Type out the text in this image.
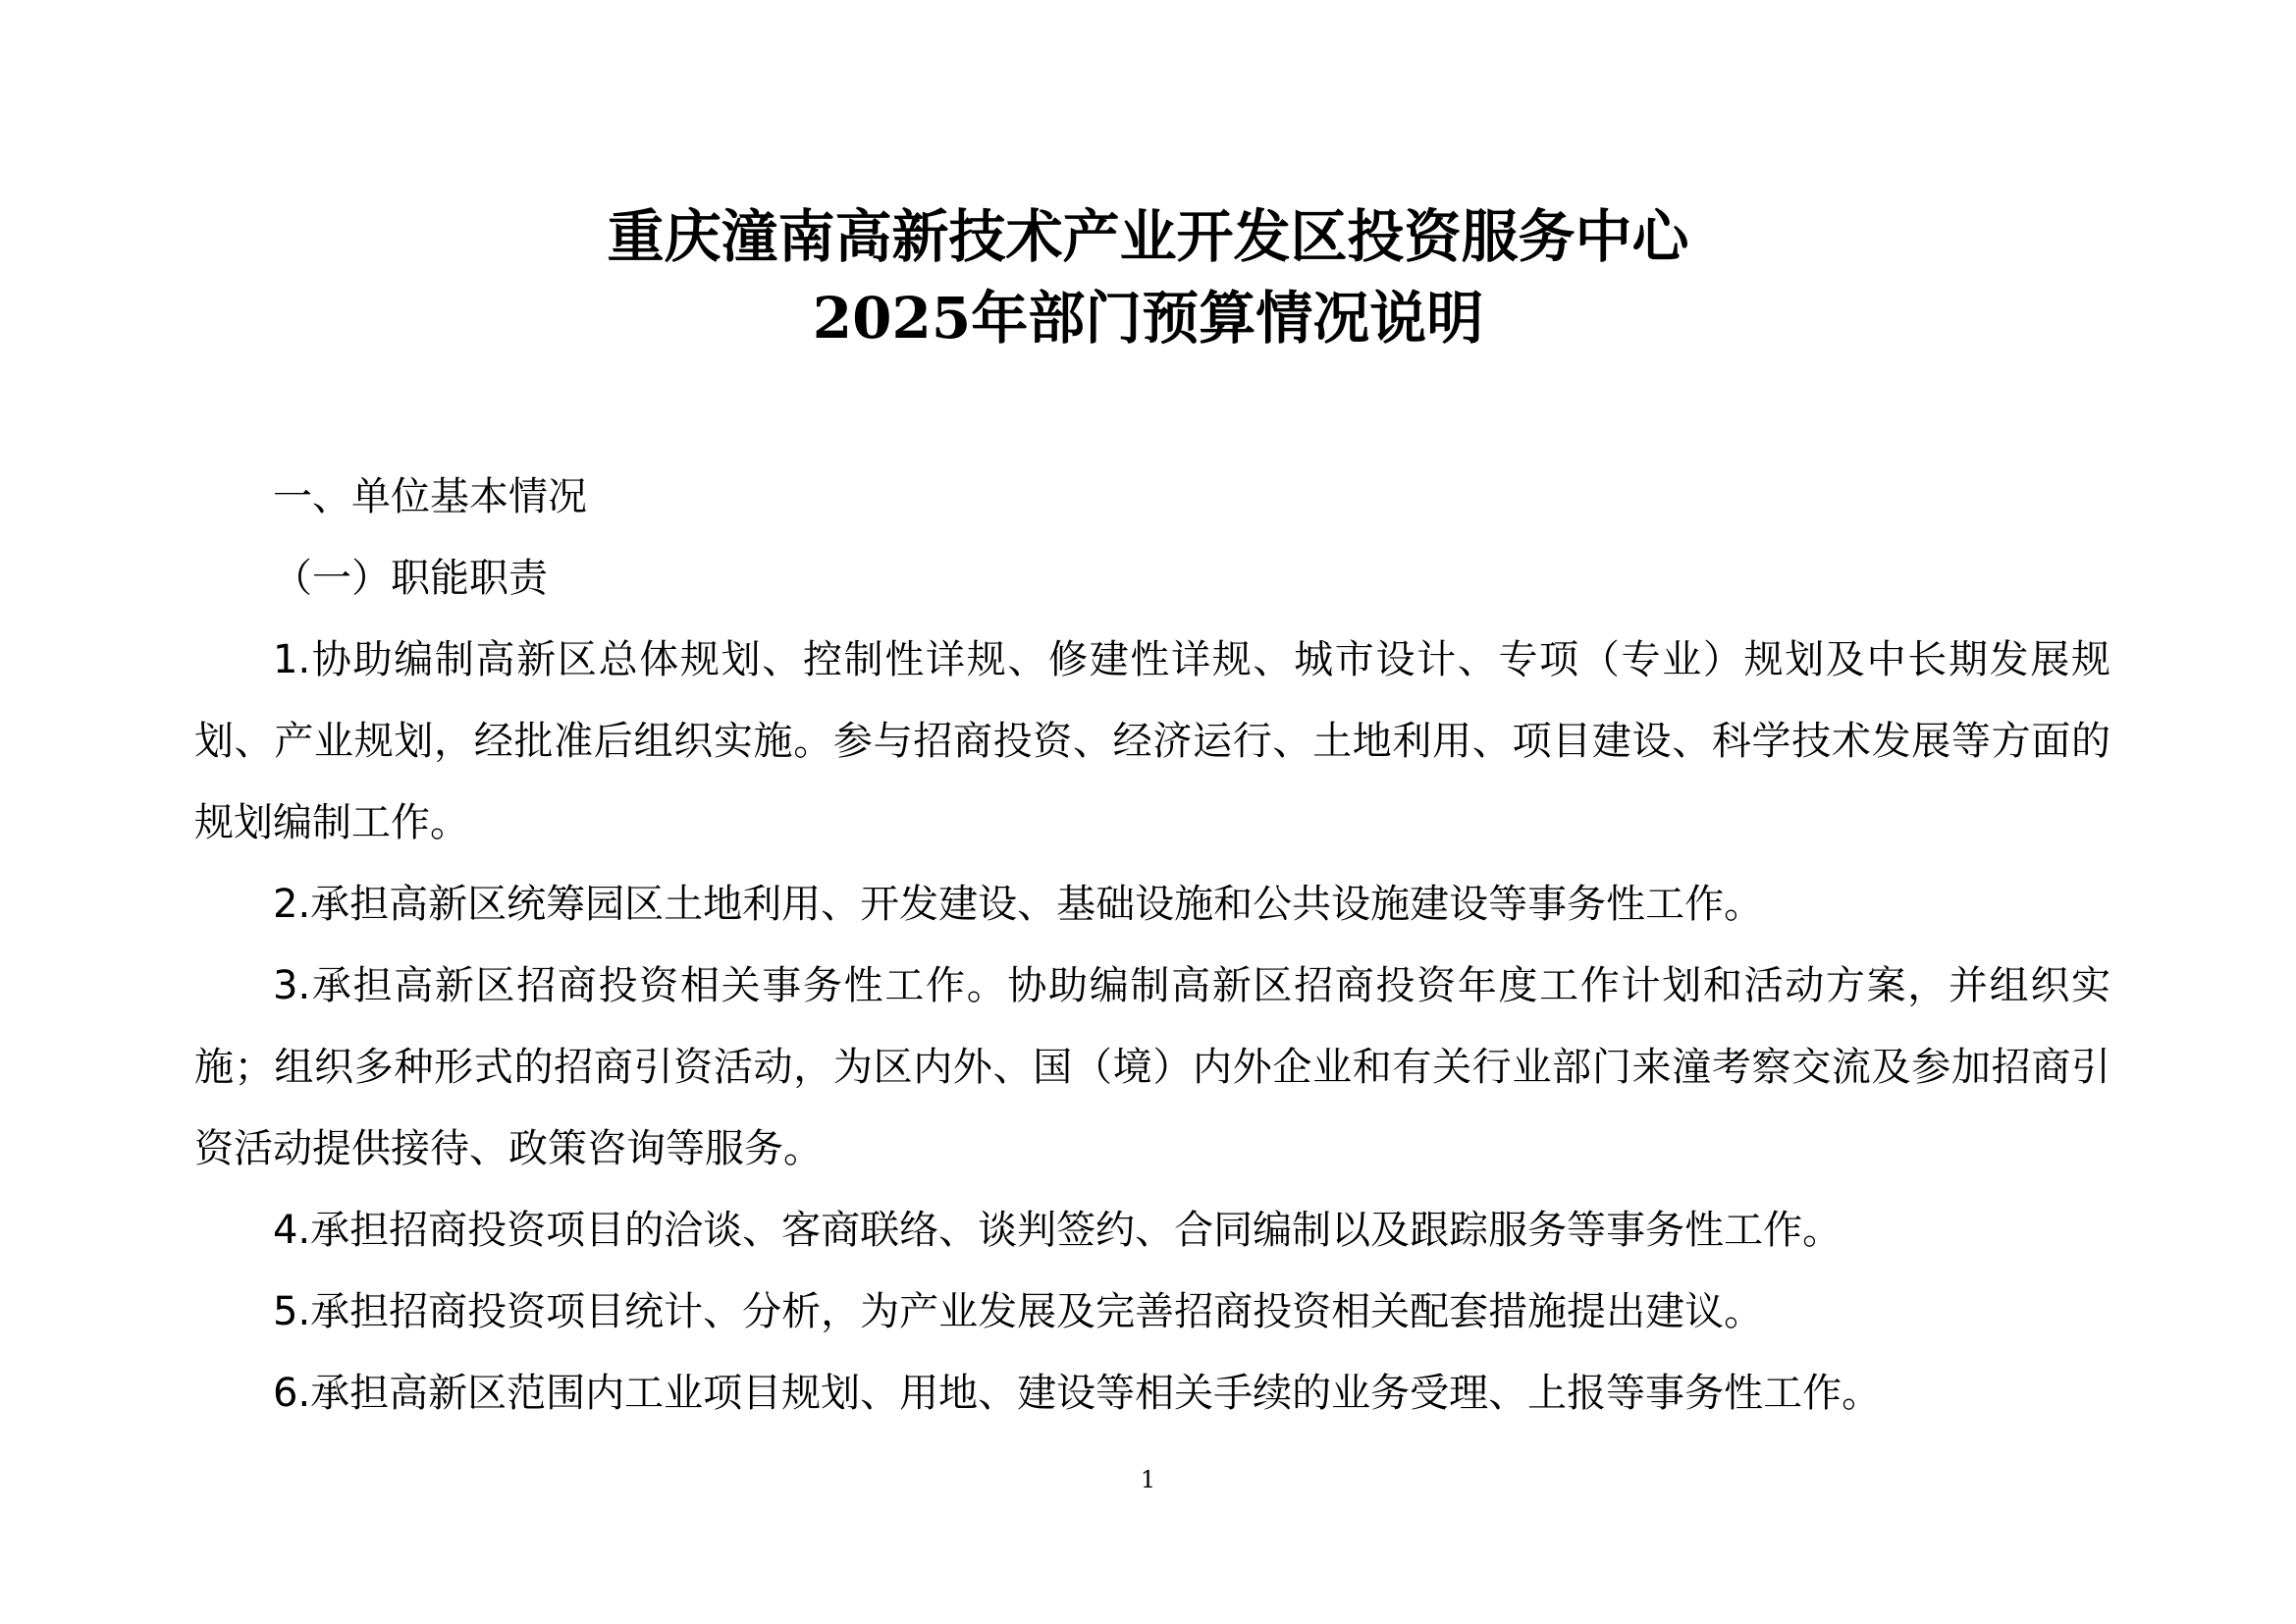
重庆潼南高新技术产业开发区投资服务中心
2025年部门预算情况说明

一、单位基本情况

（一）职能职责

1.协助编制高新区总体规划、控制性详规、修建性详规、城市设计、专项（专业）规划及中长期发展规划、产业规划，经批准后组织实施。参与招商投资、经济运行、土地利用、项目建设、科学技术发展等方面的规划编制工作。

2.承担高新区统筹园区土地利用、开发建设、基础设施和公共设施建设等事务性工作。

3.承担高新区招商投资相关事务性工作。协助编制高新区招商投资年度工作计划和活动方案，并组织实施；组织多种形式的招商引资活动，为区内外、国（境）内外企业和有关行业部门来潼考察交流及参加招商引资活动提供接待、政策咨询等服务。

4.承担招商投资项目的洽谈、客商联络、谈判签约、合同编制以及跟踪服务等事务性工作。

5.承担招商投资项目统计、分析，为产业发展及完善招商投资相关配套措施提出建议。

6.承担高新区范围内工业项目规划、用地、建设等相关手续的业务受理、上报等事务性工作。

1
